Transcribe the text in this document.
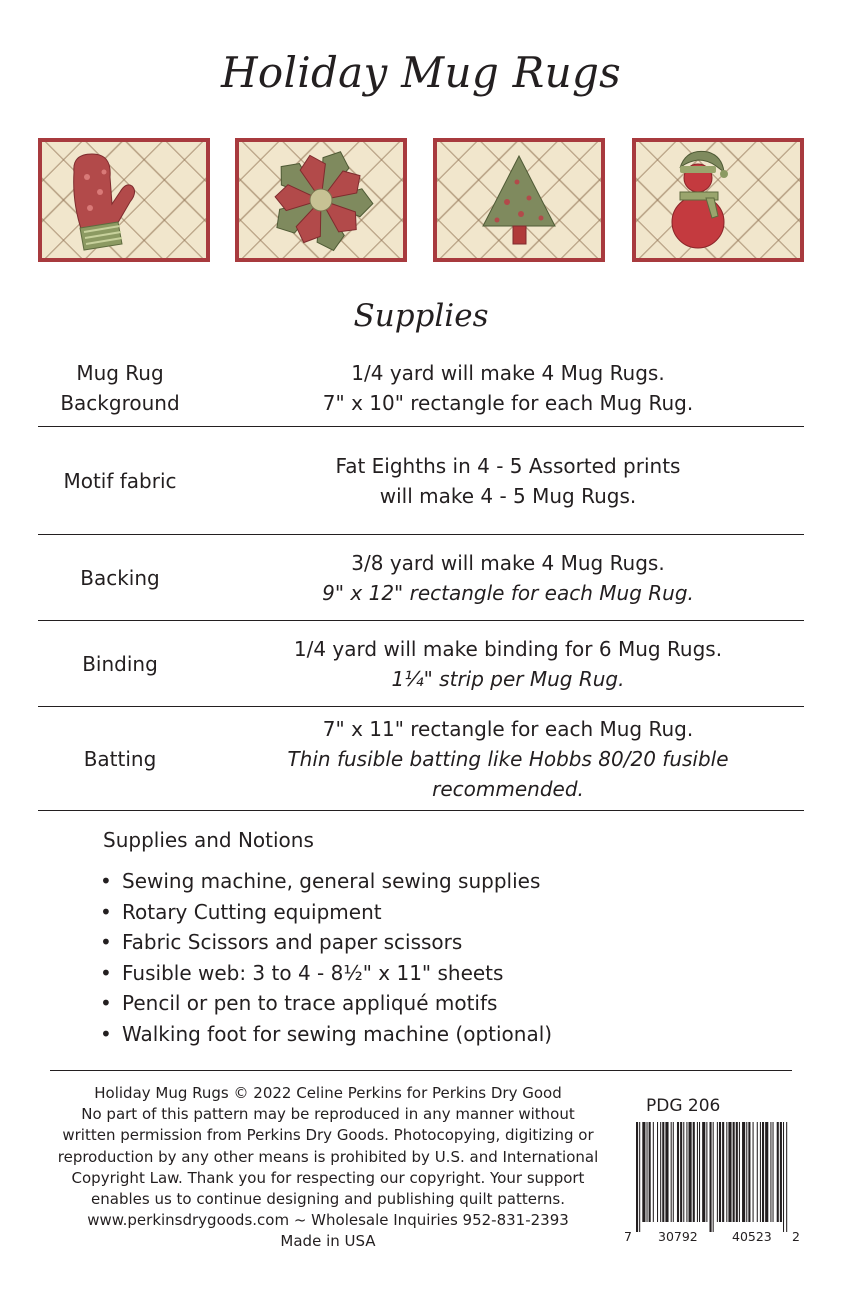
Holiday Mug Rugs
Supplies
Mug Rug
Background
1/4 yard will make 4 Mug Rugs.
7" x 10" rectangle for each Mug Rug.
Motif fabric
Fat Eighths in 4 - 5 Assorted prints
will make 4 - 5 Mug Rugs.
Backing
3/8 yard will make 4 Mug Rugs.
9" x 12" rectangle for each Mug Rug.
Binding
1/4 yard will make binding for 6 Mug Rugs.
1¼" strip per Mug Rug.
Batting
7" x 11" rectangle for each Mug Rug.
Thin fusible batting like Hobbs 80/20 fusible recommended.
Supplies and Notions
• Sewing machine, general sewing supplies
• Rotary Cutting equipment
• Fabric Scissors and paper scissors
• Fusible web: 3 to 4 - 8½" x 11" sheets
• Pencil or pen to trace appliqué motifs
• Walking foot for sewing machine (optional)
Holiday Mug Rugs © 2022 Celine Perkins for Perkins Dry Good
No part of this pattern may be reproduced in any manner without
written permission from Perkins Dry Goods. Photocopying, digitizing or
reproduction by any other means is prohibited by U.S. and International
Copyright Law. Thank you for respecting our copyright. Your support
enables us to continue designing and publishing quilt patterns.
www.perkinsdrygoods.com ~ Wholesale Inquiries 952-831-2393
Made in USA
PDG 206
7 30792	40523 2
